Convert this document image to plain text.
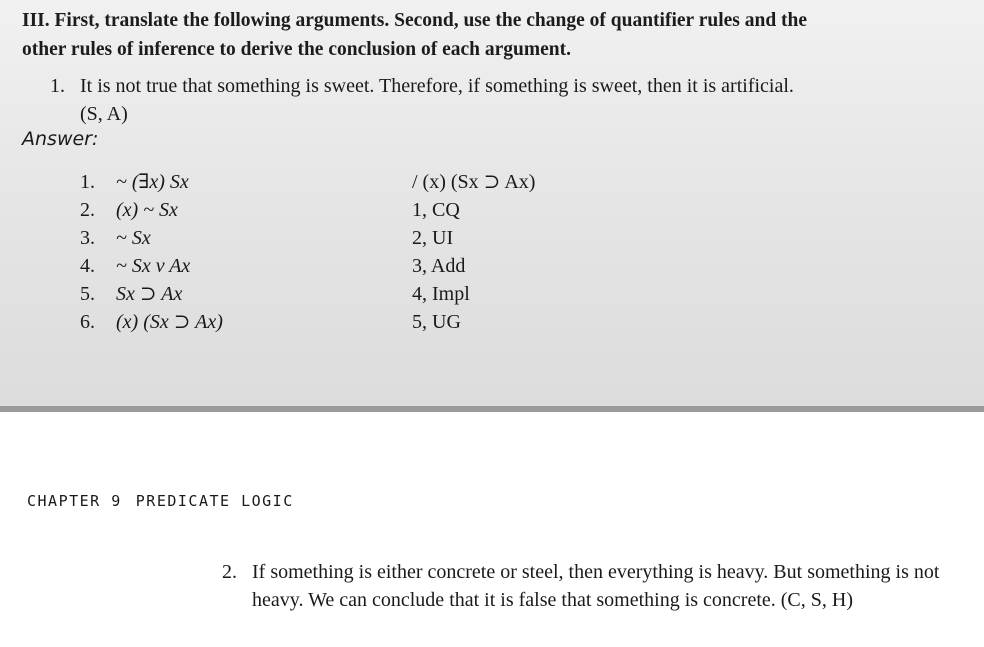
III. First, translate the following arguments. Second, use the change of quantifier rules and the other rules of inference to derive the conclusion of each argument.
1. It is not true that something is sweet. Therefore, if something is sweet, then it is artificial. (S, A)
Answer:
1. ~ (∃x) Sx	/ (x) (Sx ⊃ Ax)
2. (x) ~ Sx	1, CQ
3. ~ Sx	2, UI
4. ~ Sx v Ax	3, Add
5. Sx ⊃ Ax	4, Impl
6. (x) (Sx ⊃ Ax)	5, UG
CHAPTER 9 PREDICATE LOGIC
2. If something is either concrete or steel, then everything is heavy. But something is not heavy. We can conclude that it is false that something is concrete. (C, S, H)
